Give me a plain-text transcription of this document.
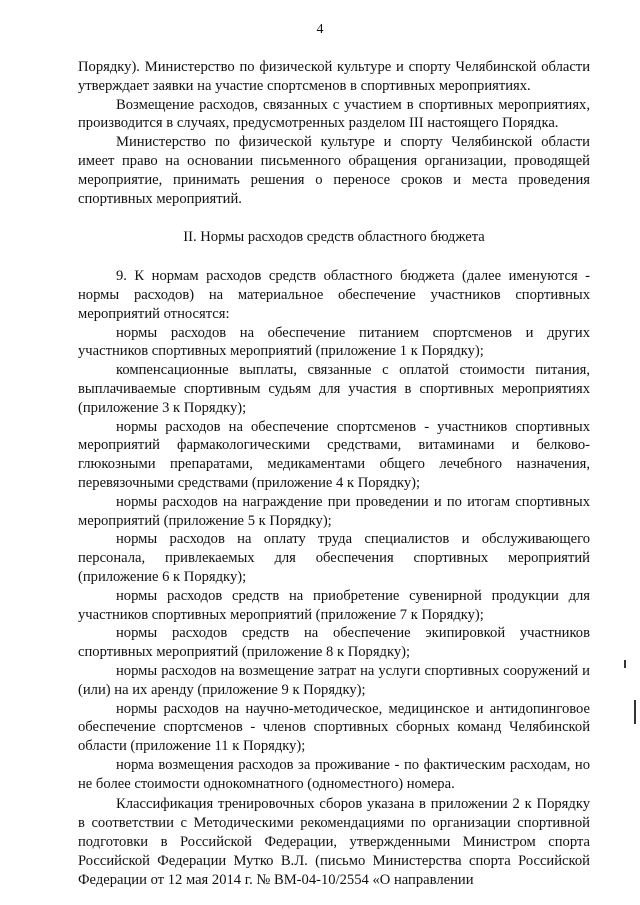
4

Порядку). Министерство по физической культуре и спорту Челябинской области утверждает заявки на участие спортсменов в спортивных мероприятиях.

Возмещение расходов, связанных с участием в спортивных мероприятиях, производится в случаях, предусмотренных разделом III настоящего Порядка.

Министерство по физической культуре и спорту Челябинской области имеет право на основании письменного обращения организации, проводящей мероприятие, принимать решения о переносе сроков и места проведения спортивных мероприятий.

II. Нормы расходов средств областного бюджета

9. К нормам расходов средств областного бюджета (далее именуются - нормы расходов) на материальное обеспечение участников спортивных мероприятий относятся:

нормы расходов на обеспечение питанием спортсменов и других участников спортивных мероприятий (приложение 1 к Порядку);

компенсационные выплаты, связанные с оплатой стоимости питания, выплачиваемые спортивным судьям для участия в спортивных мероприятиях (приложение 3 к Порядку);

нормы расходов на обеспечение спортсменов - участников спортивных мероприятий фармакологическими средствами, витаминами и белково-глюкозными препаратами, медикаментами общего лечебного назначения, перевязочными средствами (приложение 4 к Порядку);

нормы расходов на награждение при проведении и по итогам спортивных мероприятий (приложение 5 к Порядку);

нормы расходов на оплату труда специалистов и обслуживающего персонала, привлекаемых для обеспечения спортивных мероприятий (приложение 6 к Порядку);

нормы расходов средств на приобретение сувенирной продукции для участников спортивных мероприятий (приложение 7 к Порядку);

нормы расходов средств на обеспечение экипировкой участников спортивных мероприятий (приложение 8 к Порядку);

нормы расходов на возмещение затрат на услуги спортивных сооружений и (или) на их аренду (приложение 9 к Порядку);

нормы расходов на научно-методическое, медицинское и антидопинговое обеспечение спортсменов - членов спортивных сборных команд Челябинской области (приложение 11 к Порядку);

норма возмещения расходов за проживание - по фактическим расходам, но не более стоимости однокомнатного (одноместного) номера.

Классификация тренировочных сборов указана в приложении 2 к Порядку в соответствии с Методическими рекомендациями по организации спортивной подготовки в Российской Федерации, утвержденными Министром спорта Российской Федерации Мутко В.Л. (письмо Министерства спорта Российской Федерации от 12 мая 2014 г. № ВМ-04-10/2554 «О направлении
